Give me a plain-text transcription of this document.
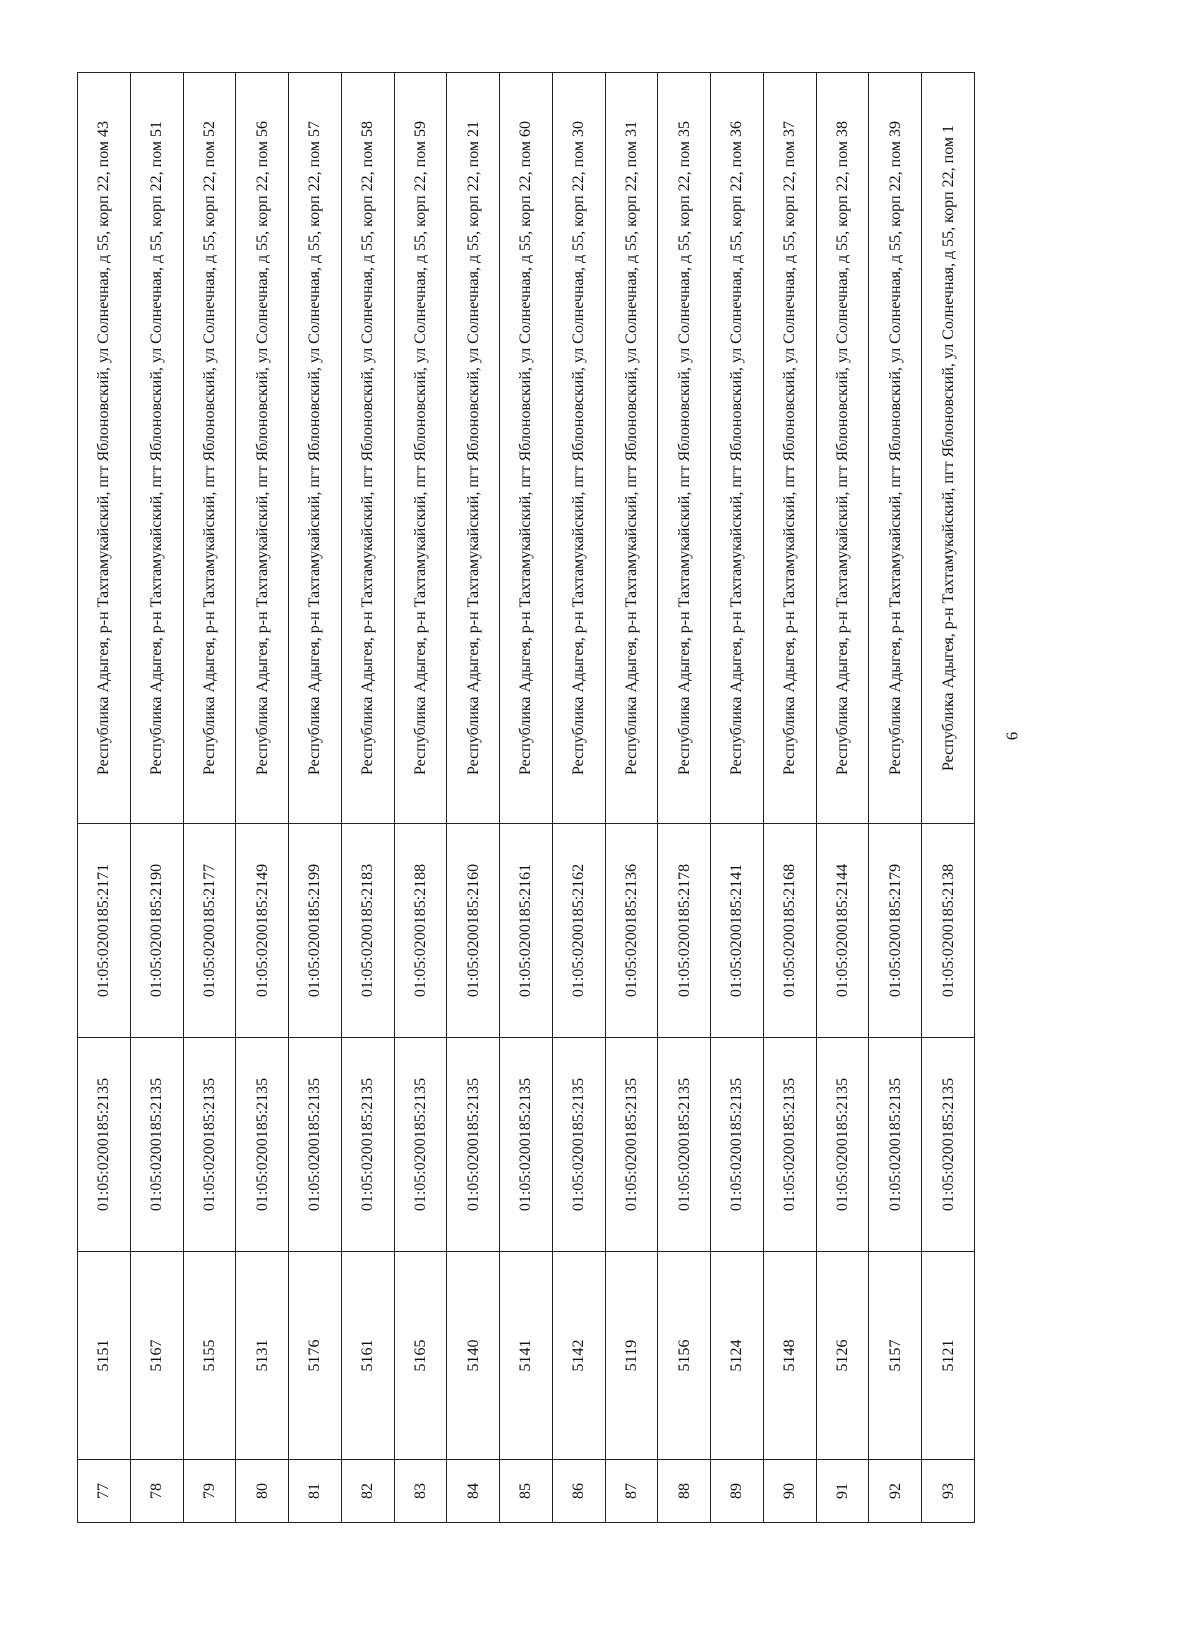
77	5151	01:05:0200185:2135	01:05:0200185:2171	Республика Адыгея, р-н Тахтамукайский, пгт Яблоновский, ул Солнечная, д 55, корп 22, пом 43
78	5167	01:05:0200185:2135	01:05:0200185:2190	Республика Адыгея, р-н Тахтамукайский, пгт Яблоновский, ул Солнечная, д 55, корп 22, пом 51
79	5155	01:05:0200185:2135	01:05:0200185:2177	Республика Адыгея, р-н Тахтамукайский, пгт Яблоновский, ул Солнечная, д 55, корп 22, пом 52
80	5131	01:05:0200185:2135	01:05:0200185:2149	Республика Адыгея, р-н Тахтамукайский, пгт Яблоновский, ул Солнечная, д 55, корп 22, пом 56
81	5176	01:05:0200185:2135	01:05:0200185:2199	Республика Адыгея, р-н Тахтамукайский, пгт Яблоновский, ул Солнечная, д 55, корп 22, пом 57
82	5161	01:05:0200185:2135	01:05:0200185:2183	Республика Адыгея, р-н Тахтамукайский, пгт Яблоновский, ул Солнечная, д 55, корп 22, пом 58
83	5165	01:05:0200185:2135	01:05:0200185:2188	Республика Адыгея, р-н Тахтамукайский, пгт Яблоновский, ул Солнечная, д 55, корп 22, пом 59
84	5140	01:05:0200185:2135	01:05:0200185:2160	Республика Адыгея, р-н Тахтамукайский, пгт Яблоновский, ул Солнечная, д 55, корп 22, пом 21
85	5141	01:05:0200185:2135	01:05:0200185:2161	Республика Адыгея, р-н Тахтамукайский, пгт Яблоновский, ул Солнечная, д 55, корп 22, пом 60
86	5142	01:05:0200185:2135	01:05:0200185:2162	Республика Адыгея, р-н Тахтамукайский, пгт Яблоновский, ул Солнечная, д 55, корп 22, пом 30
87	5119	01:05:0200185:2135	01:05:0200185:2136	Республика Адыгея, р-н Тахтамукайский, пгт Яблоновский, ул Солнечная, д 55, корп 22, пом 31
88	5156	01:05:0200185:2135	01:05:0200185:2178	Республика Адыгея, р-н Тахтамукайский, пгт Яблоновский, ул Солнечная, д 55, корп 22, пом 35
89	5124	01:05:0200185:2135	01:05:0200185:2141	Республика Адыгея, р-н Тахтамукайский, пгт Яблоновский, ул Солнечная, д 55, корп 22, пом 36
90	5148	01:05:0200185:2135	01:05:0200185:2168	Республика Адыгея, р-н Тахтамукайский, пгт Яблоновский, ул Солнечная, д 55, корп 22, пом 37
91	5126	01:05:0200185:2135	01:05:0200185:2144	Республика Адыгея, р-н Тахтамукайский, пгт Яблоновский, ул Солнечная, д 55, корп 22, пом 38
92	5157	01:05:0200185:2135	01:05:0200185:2179	Республика Адыгея, р-н Тахтамукайский, пгт Яблоновский, ул Солнечная, д 55, корп 22, пом 39
93	5121	01:05:0200185:2135	01:05:0200185:2138	Республика Адыгея, р-н Тахтамукайский, пгт Яблоновский, ул Солнечная, д 55, корп 22, пом 1	6
